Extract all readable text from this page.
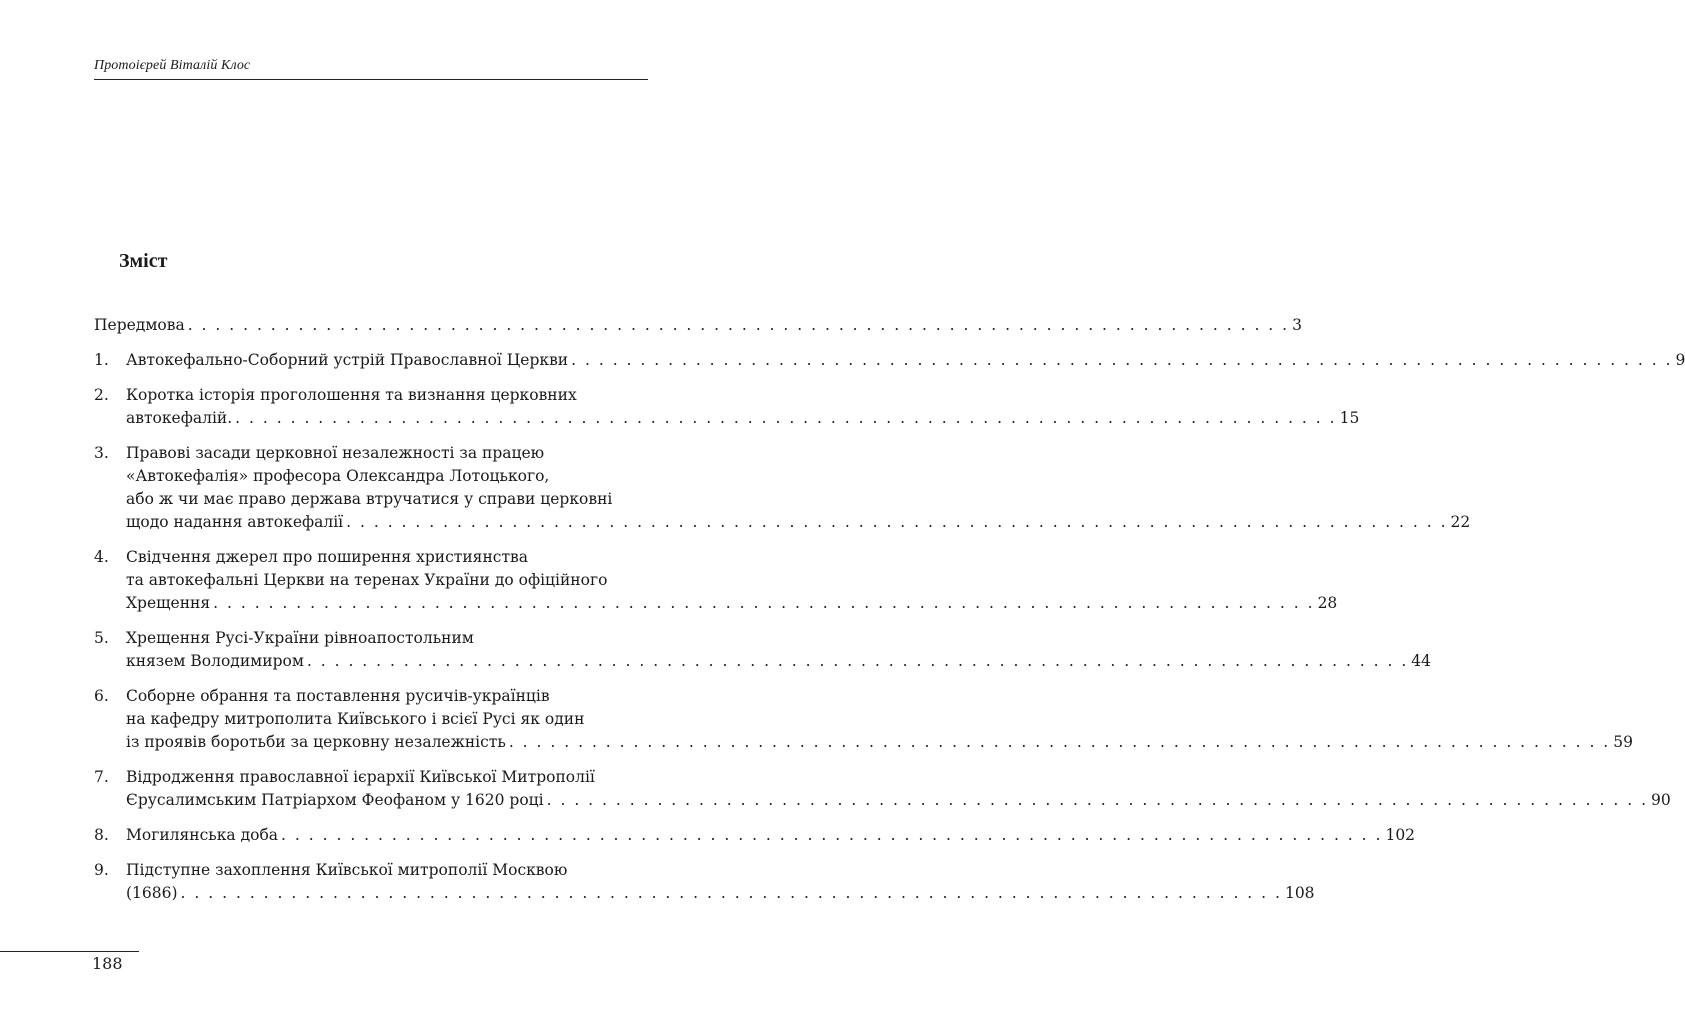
Протоієрей Віталій Клос
Зміст
Передмова . . . . . . . . . . . . . . . . . . . . . . . . . . . . . . . . . . . . . . . . . . . . . . . . . . . . . . . . . . . . . . . . . . . . . . . . . . . . . . . . 3
1. Автокефально-Соборний устрій Православної Церкви . . . . . . . . . . . . . . . . . . . . . . . . . . . . . . . . . . . . . . . . . . . . . . . . . . . . . . . . . . . . . . . . . . . . . . . . . . . . . . . . 9
2. Коротка історія проголошення та визнання церковних
автокефалій. . . . . . . . . . . . . . . . . . . . . . . . . . . . . . . . . . . . . . . . . . . . . . . . . . . . . . . . . . . . . . . . . . . . . . . . . . . . . . . . . 15
3. Правові засади церковної незалежності за працею
«Автокефалія» професора Олександра Лотоцького,
або ж чи має право держава втручатися у справи церковні
щодо надання автокефалії . . . . . . . . . . . . . . . . . . . . . . . . . . . . . . . . . . . . . . . . . . . . . . . . . . . . . . . . . . . . . . . . . . . . . . . . . . . . . . . . 22
4. Свідчення джерел про поширення християнства
та автокефальні Церкви на теренах України до офіційного
Хрещення . . . . . . . . . . . . . . . . . . . . . . . . . . . . . . . . . . . . . . . . . . . . . . . . . . . . . . . . . . . . . . . . . . . . . . . . . . . . . . . . 28
5. Хрещення Русі-України рівноапостольним
князем Володимиром . . . . . . . . . . . . . . . . . . . . . . . . . . . . . . . . . . . . . . . . . . . . . . . . . . . . . . . . . . . . . . . . . . . . . . . . . . . . . . . . 44
6. Соборне обрання та поставлення русичів-українців
на кафедру митрополита Київського і всієї Русі як один
із проявів боротьби за церковну незалежність . . . . . . . . . . . . . . . . . . . . . . . . . . . . . . . . . . . . . . . . . . . . . . . . . . . . . . . . . . . . . . . . . . . . . . . . . . . . . . . . 59
7. Відродження православної ієрархії Київської Митрополії
Єрусалимським Патріархом Феофаном у 1620 році . . . . . . . . . . . . . . . . . . . . . . . . . . . . . . . . . . . . . . . . . . . . . . . . . . . . . . . . . . . . . . . . . . . . . . . . . . . . . . . . 90
8. Могилянська доба . . . . . . . . . . . . . . . . . . . . . . . . . . . . . . . . . . . . . . . . . . . . . . . . . . . . . . . . . . . . . . . . . . . . . . . . . . . . . . . . 102
9. Підступне захоплення Київської митрополії Москвою
(1686) . . . . . . . . . . . . . . . . . . . . . . . . . . . . . . . . . . . . . . . . . . . . . . . . . . . . . . . . . . . . . . . . . . . . . . . . . . . . . . . . 108
188
